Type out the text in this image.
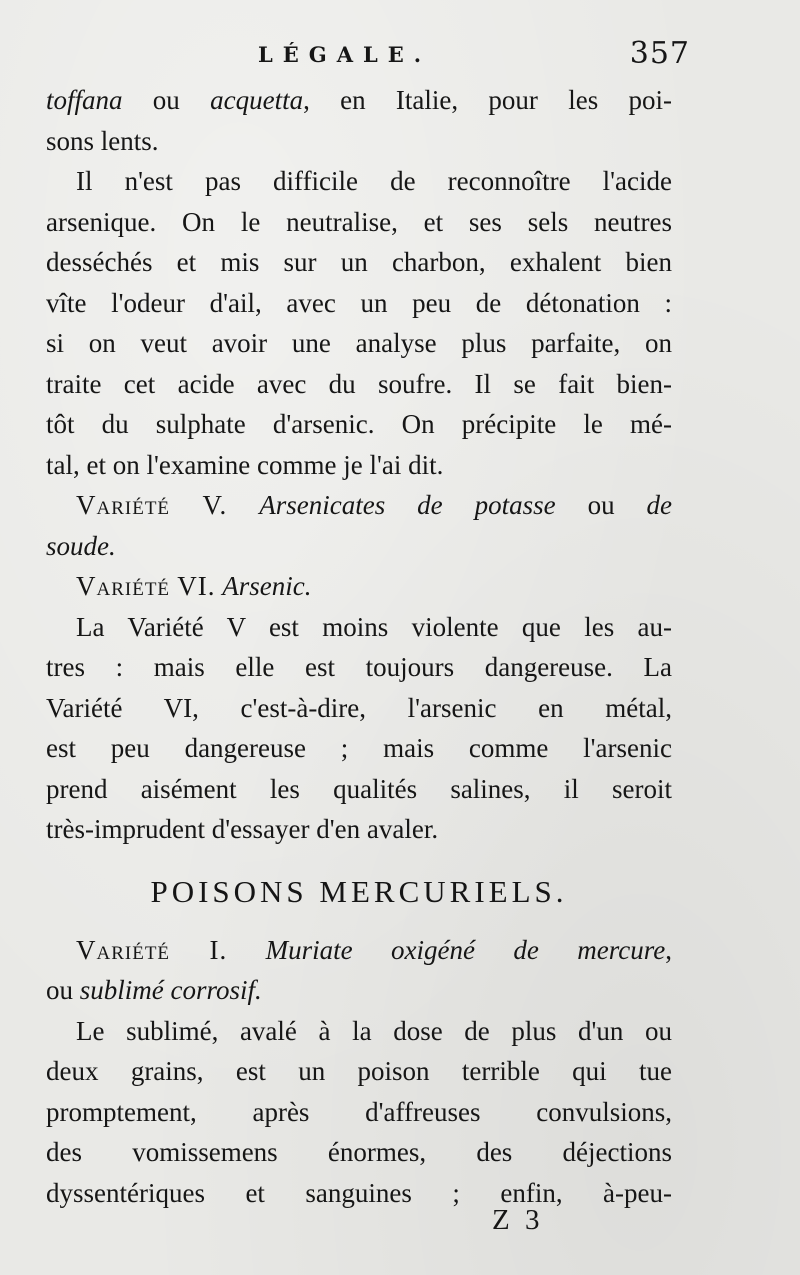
LÉGALE.	357
toffana ou acquetta, en Italie, pour les poi-
sons lents.
Il n'est pas difficile de reconnoître l'acide
arsenique. On le neutralise, et ses sels neutres
desséchés et mis sur un charbon, exhalent bien
vîte l'odeur d'ail, avec un peu de détonation :
si on veut avoir une analyse plus parfaite, on
traite cet acide avec du soufre. Il se fait bien-
tôt du sulphate d'arsenic. On précipite le mé-
tal, et on l'examine comme je l'ai dit.
Variété V. Arsenicates de potasse ou de
soude.
Variété VI. Arsenic.
La Variété V est moins violente que les au-
tres : mais elle est toujours dangereuse. La
Variété VI, c'est-à-dire, l'arsenic en métal,
est peu dangereuse ; mais comme l'arsenic
prend aisément les qualités salines, il seroit
très-imprudent d'essayer d'en avaler.
POISONS MERCURIELS.
Variété I. Muriate oxigéné de mercure,
ou sublimé corrosif.
Le sublimé, avalé à la dose de plus d'un ou
deux grains, est un poison terrible qui tue
promptement, après d'affreuses convulsions,
des vomissemens énormes, des déjections
dyssentériques et sanguines ; enfin, à-peu-
Z 3
